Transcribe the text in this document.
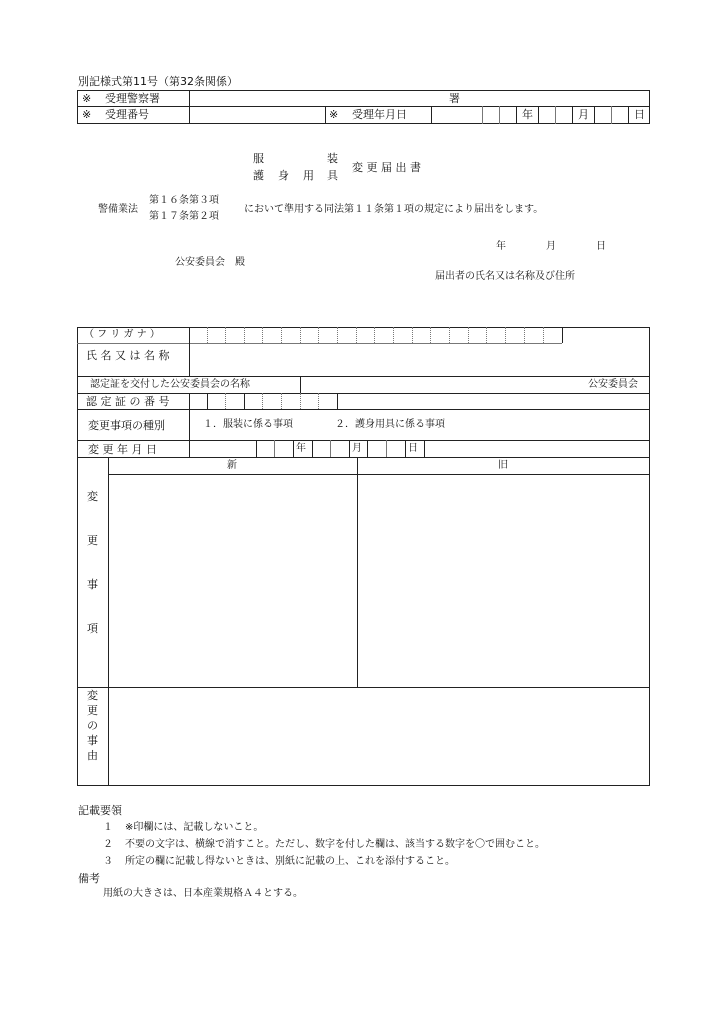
別記様式第11号（第32条関係）
※ 受理警察署	署
※ 受理番号	※ 受理年月日	年	月	日
服	装
護 身 用 具
変 更 届 出 書
警備業法
第１６条第３項
第１７条第２項
において準用する同法第１１条第１項の規定により届出をします。
年	月	日
公安委員会　殿
届出者の氏名又は名称及び住所
（ フ リ ガ ナ ）
氏 名 又 は 名 称
認定証を交付した公安委員会の名称	公安委員会
認 定 証 の 番 号
変更事項の種別	１．服装に係る事項	２．護身用具に係る事項
変 更 年 月 日	年	月	日
新	旧
変
更
事
項
変
更
の
事
由
記載要領
１ ※印欄には、記載しないこと。
２ 不要の文字は、横線で消すこと。ただし、数字を付した欄は、該当する数字を〇で囲むこと。
３ 所定の欄に記載し得ないときは、別紙に記載の上、これを添付すること。
備考
用紙の大きさは、日本産業規格Ａ４とする。
